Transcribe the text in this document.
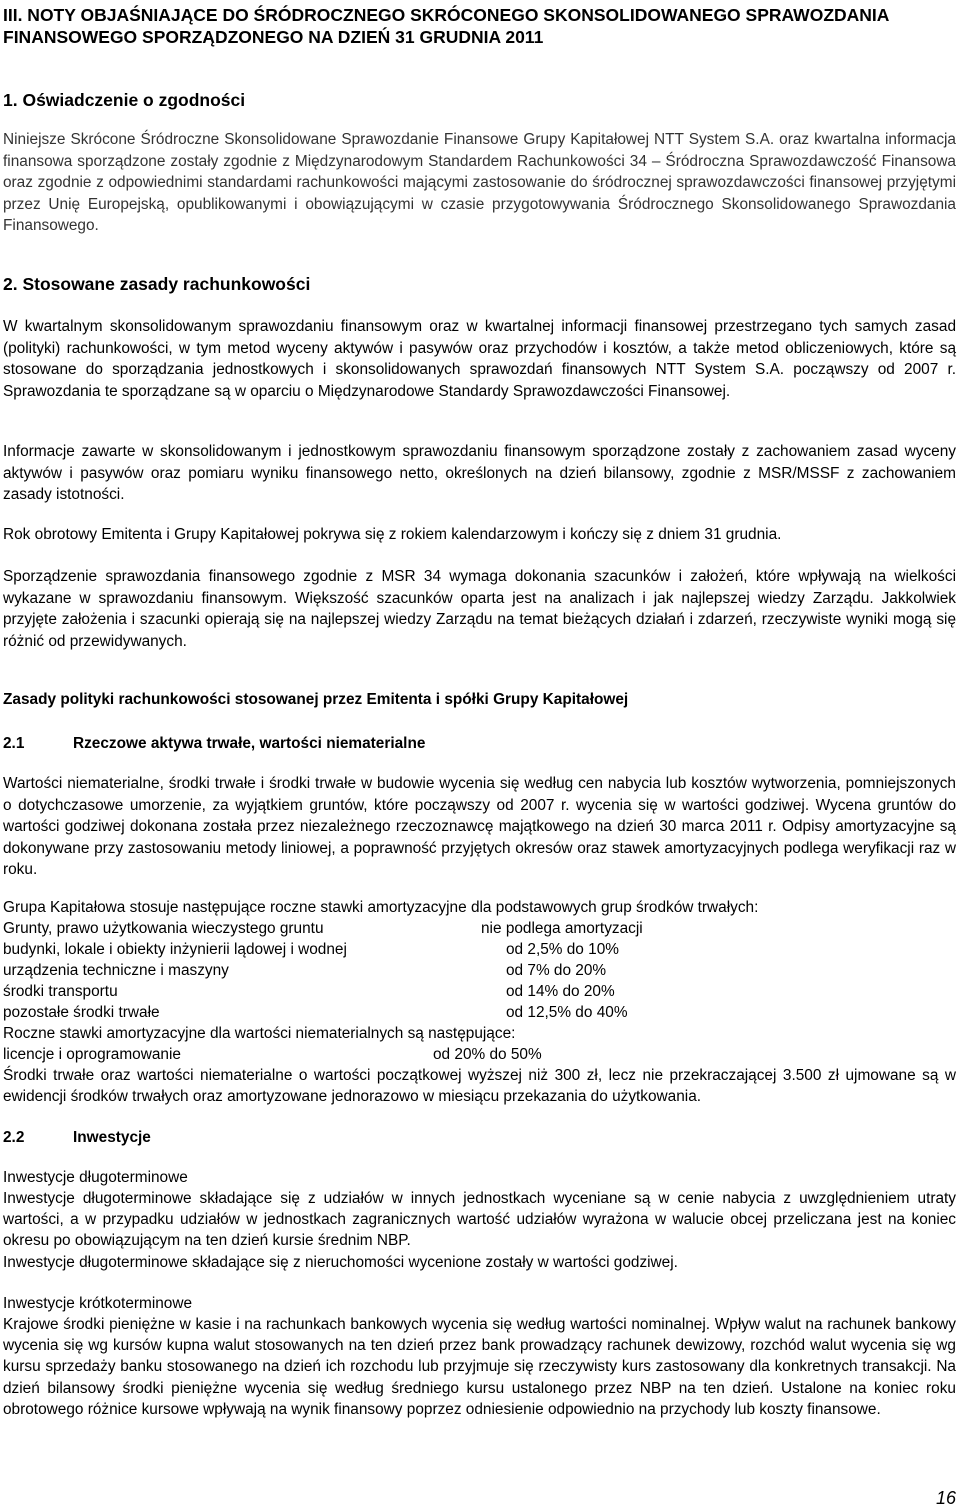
III. NOTY OBJAŚNIAJĄCE DO ŚRÓDROCZNEGO SKRÓCONEGO SKONSOLIDOWANEGO SPRAWOZDANIA FINANSOWEGO SPORZĄDZONEGO NA DZIEŃ 31 GRUDNIA 2011
1. Oświadczenie o zgodności

Niniejsze Skrócone Śródroczne Skonsolidowane Sprawozdanie Finansowe Grupy Kapitałowej NTT System S.A. oraz kwartalna informacja finansowa sporządzone zostały zgodnie z Międzynarodowym Standardem Rachunkowości 34 – Śródroczna Sprawozdawczość Finansowa oraz zgodnie z odpowiednimi standardami rachunkowości mającymi zastosowanie do śródrocznej sprawozdawczości finansowej przyjętymi przez Unię Europejską, opublikowanymi i obowiązującymi w czasie przygotowywania Śródrocznego Skonsolidowanego Sprawozdania Finansowego.

2. Stosowane zasady rachunkowości

W kwartalnym skonsolidowanym sprawozdaniu finansowym oraz w kwartalnej informacji finansowej przestrzegano tych samych zasad (polityki) rachunkowości, w tym metod wyceny aktywów i pasywów oraz przychodów i kosztów, a także metod obliczeniowych, które są stosowane do sporządzania jednostkowych i skonsolidowanych sprawozdań finansowych NTT System S.A. począwszy od 2007 r. Sprawozdania te sporządzane są w oparciu o Międzynarodowe Standardy Sprawozdawczości Finansowej.

Informacje zawarte w skonsolidowanym i jednostkowym sprawozdaniu finansowym sporządzone zostały z zachowaniem zasad wyceny aktywów i pasywów oraz pomiaru wyniku finansowego netto, określonych na dzień bilansowy, zgodnie z MSR/MSSF z zachowaniem zasady istotności.

Rok obrotowy Emitenta i Grupy Kapitałowej pokrywa się z rokiem kalendarzowym i kończy się z dniem 31 grudnia.

Sporządzenie sprawozdania finansowego zgodnie z MSR 34 wymaga dokonania szacunków i założeń, które wpływają na wielkości wykazane w sprawozdaniu finansowym. Większość szacunków oparta jest na analizach i jak najlepszej wiedzy Zarządu. Jakkolwiek przyjęte założenia i szacunki opierają się na najlepszej wiedzy Zarządu na temat bieżących działań i zdarzeń, rzeczywiste wyniki mogą się różnić od przewidywanych.

Zasady polityki rachunkowości stosowanej przez Emitenta i spółki Grupy Kapitałowej
2.1	Rzeczowe aktywa trwałe, wartości niematerialne

Wartości niematerialne, środki trwałe i środki trwałe w budowie wycenia się według cen nabycia lub kosztów wytworzenia, pomniejszonych o dotychczasowe umorzenie, za wyjątkiem gruntów, które począwszy od 2007 r. wycenia się w wartości godziwej. Wycena gruntów do wartości godziwej dokonana została przez niezależnego rzeczoznawcę majątkowego na dzień 30 marca 2011 r. Odpisy amortyzacyjne są dokonywane przy zastosowaniu metody liniowej, a poprawność przyjętych okresów oraz stawek amortyzacyjnych podlega weryfikacji raz w roku.

Grupa Kapitałowa stosuje następujące roczne stawki amortyzacyjne dla podstawowych grup środków trwałych:
Grunty, prawo użytkowania wieczystego gruntu	nie podlega amortyzacji
budynki, lokale i obiekty inżynierii lądowej i wodnej	od 2,5% do 10%
urządzenia techniczne i maszyny	od 7% do 20%
środki transportu	od 14% do 20%
pozostałe środki trwałe	od 12,5% do 40%
Roczne stawki amortyzacyjne dla wartości niematerialnych są następujące:
licencje i oprogramowanie	od 20% do 50%

Środki trwałe oraz wartości niematerialne o wartości początkowej wyższej niż 300 zł, lecz nie przekraczającej 3.500 zł ujmowane są w ewidencji środków trwałych oraz amortyzowane jednorazowo w miesiącu przekazania do użytkowania.

2.2	Inwestycje
Inwestycje długoterminowe

Inwestycje długoterminowe składające się z udziałów w innych jednostkach wyceniane są w cenie nabycia z uwzględnieniem utraty wartości, a w przypadku udziałów w jednostkach zagranicznych wartość udziałów wyrażona w walucie obcej przeliczana jest na koniec okresu po obowiązującym na ten dzień kursie średnim NBP.

Inwestycje długoterminowe składające się z nieruchomości wycenione zostały w wartości godziwej.

Inwestycje krótkoterminowe

Krajowe środki pieniężne w kasie i na rachunkach bankowych wycenia się według wartości nominalnej. Wpływ walut na rachunek bankowy wycenia się wg kursów kupna walut stosowanych na ten dzień przez bank prowadzący rachunek dewizowy, rozchód walut wycenia się wg kursu sprzedaży banku stosowanego na dzień ich rozchodu lub przyjmuje się rzeczywisty kurs zastosowany dla konkretnych transakcji. Na dzień bilansowy środki pieniężne wycenia się według średniego kursu ustalonego przez NBP na ten dzień. Ustalone na koniec roku obrotowego różnice kursowe wpływają na wynik finansowy poprzez odniesienie odpowiednio na przychody lub koszty finansowe.

16
